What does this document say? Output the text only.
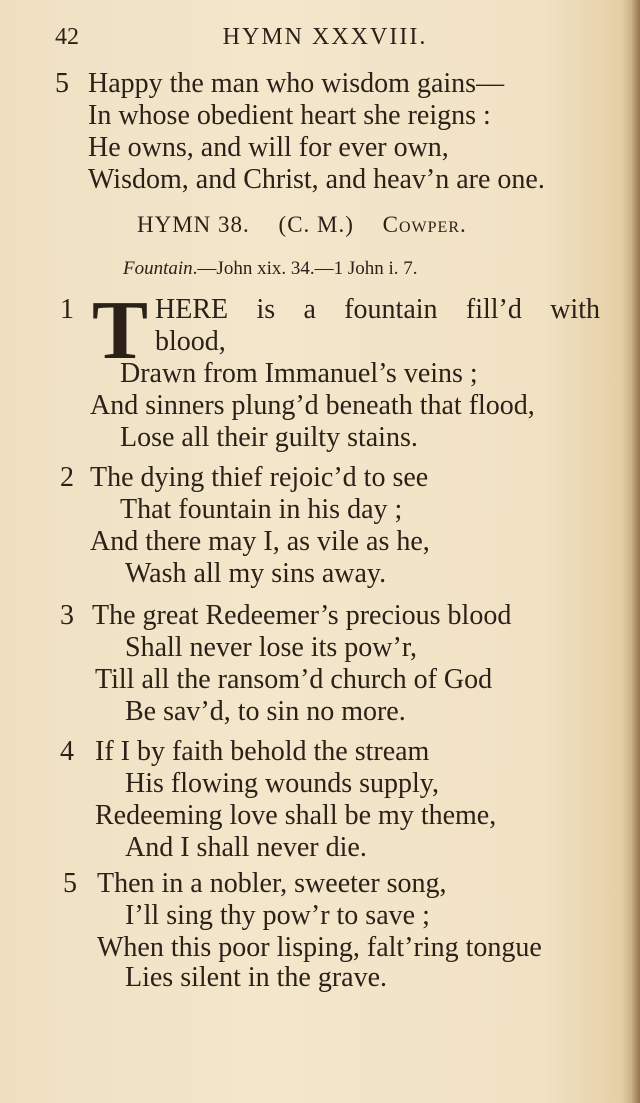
42	HYMN XXXVIII.
5 Happy the man who wisdom gains—
In whose obedient heart she reigns :
He owns, and will for ever own,
Wisdom, and Christ, and heav’n are one.
HYMN 38. (C. M.) Cowper.
Fountain.—John xix. 34.—1 John i. 7.
1 T HERE is a fountain fill’d with
blood,
Drawn from Immanuel’s veins ;
And sinners plung’d beneath that flood,
Lose all their guilty stains.
2 The dying thief rejoic’d to see
That fountain in his day ;
And there may I, as vile as he,
Wash all my sins away.
3 The great Redeemer’s precious blood
Shall never lose its pow’r,
Till all the ransom’d church of God
Be sav’d, to sin no more.
4 If I by faith behold the stream
His flowing wounds supply,
Redeeming love shall be my theme,
And I shall never die.
5 Then in a nobler, sweeter song,
I’ll sing thy pow’r to save ;
When this poor lisping, falt’ring tongue
Lies silent in the grave.
